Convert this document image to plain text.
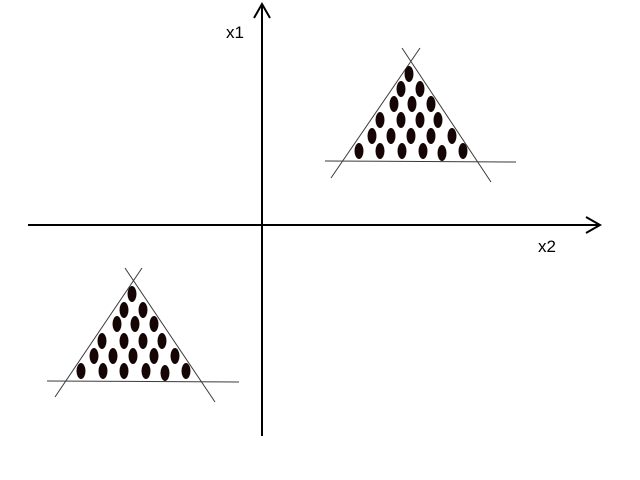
x1
x2
